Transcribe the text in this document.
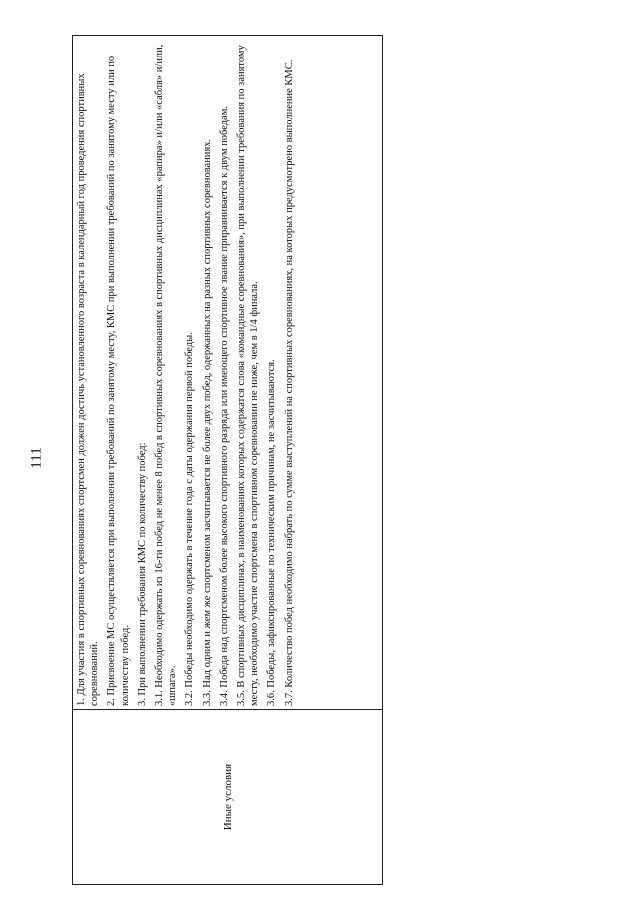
111
Иные условия	

1. Для участия в спортивных соревнованиях спортсмен должен достичь установленного возраста в календарный год проведения спортивных соревнований. 2. Присвоение МС осуществляется при выполнении требований по занятому месту, КМС при выполнении требований по занятому месту или по количеству побед. 3. При выполнении требования КМС по количеству побед: 3.1. Необходимо одержать из 16-ти побед не менее 8 побед в спортивных соревнованиях в спортивных дисциплинах «рапира» и/или «сабля» и/или, «шпага». 3.2. Победы необходимо одержать в течение года с даты одержания первой победы. 3.3. Над одним и жем же спортсменом засчитывается не более двух побед, одержанных на разных спортивных соревнованиях. 3.4. Победа над спортсменом более высокого спортивного разряда или имеющего спортивное звание приравнивается к двум победам. 3.5. В спортивных дисциплинах, в наименованиях которых содержатся слова «командные соревнования», при выполнении требования по занятому месту, необходимо участие спортсмена в спортивном соревновании не ниже, чем в 1/4 финала. 3.6. Победы, зафиксированные по техническим причинам, не засчитываются. 3.7. Количество побед необходимо набрать по сумме выступлений на спортивных соревнованиях, на которых предусмотрено выполнение КМС.
